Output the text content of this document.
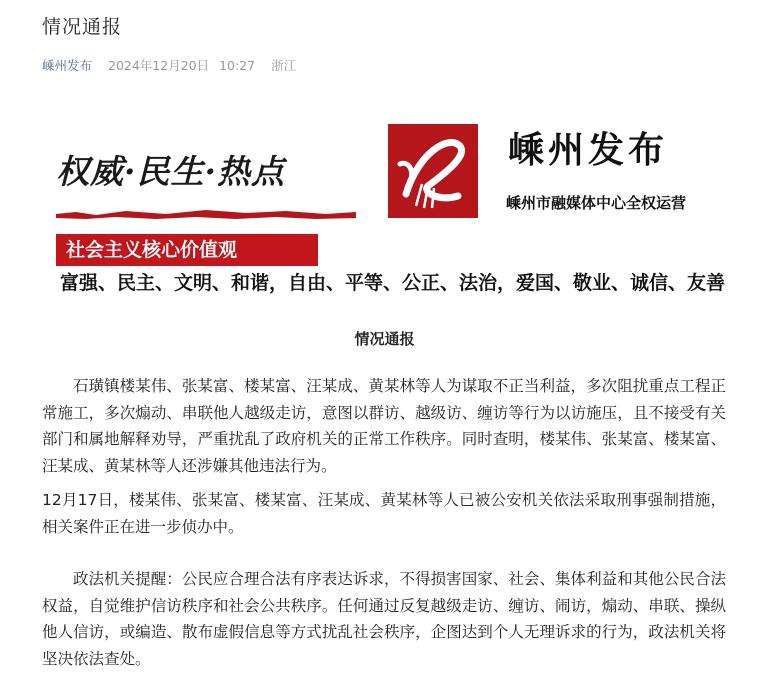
情况通报
嵊州发布 2024年12月20日 10:27 浙江
权威·民生·热点
嵊州发布
嵊州市融媒体中心全权运营
社会主义核心价值观
富强、民主、文明、和谐，自由、平等、公正、法治，爱国、敬业、诚信、友善
情况通报

石璜镇楼某伟、张某富、楼某富、汪某成、黄某林等人为谋取不正当利益，多次阻扰重点工程正常施工，多次煽动、串联他人越级走访，意图以群访、越级访、缠访等行为以访施压，且不接受有关部门和属地解释劝导，严重扰乱了政府机关的正常工作秩序。同时查明，楼某伟、张某富、楼某富、汪某成、黄某林等人还涉嫌其他违法行为。

12月17日，楼某伟、张某富、楼某富、汪某成、黄某林等人已被公安机关依法采取刑事强制措施，相关案件正在进一步侦办中。

政法机关提醒：公民应合理合法有序表达诉求，不得损害国家、社会、集体利益和其他公民合法权益，自觉维护信访秩序和社会公共秩序。任何通过反复越级走访、缠访、闹访，煽动、串联、操纵他人信访，或编造、散布虚假信息等方式扰乱社会秩序，企图达到个人无理诉求的行为，政法机关将坚决依法查处。
